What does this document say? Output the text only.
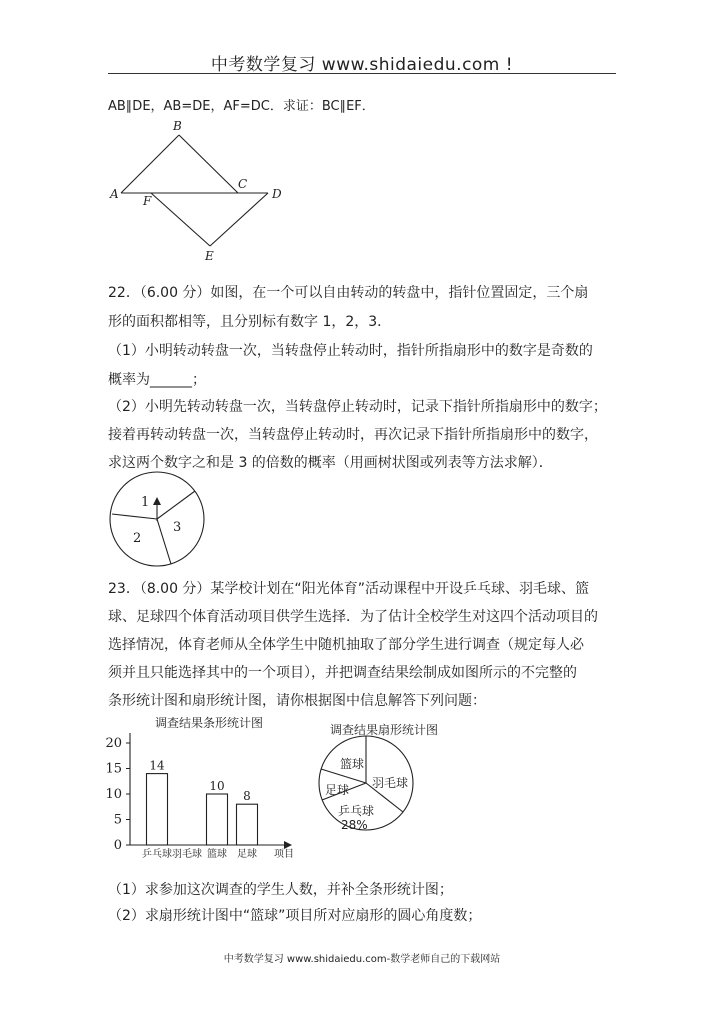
中考数学复习 www.shidaiedu.com !
AB∥DE，AB=DE，AF=DC．求证：BC∥EF．
A
B
C
D
E
F
22．（6.00 分）如图，在一个可以自由转动的转盘中，指针位置固定，三个扇
形的面积都相等，且分别标有数字 1，2，3．
（1）小明转动转盘一次，当转盘停止转动时，指针所指扇形中的数字是奇数的
概率为______；
（2）小明先转动转盘一次，当转盘停止转动时，记录下指针所指扇形中的数字；
接着再转动转盘一次，当转盘停止转动时，再次记录下指针所指扇形中的数字，
求这两个数字之和是 3 的倍数的概率（用画树状图或列表等方法求解）．
1
2
3
23．（8.00 分）某学校计划在“阳光体育”活动课程中开设乒乓球、羽毛球、篮
球、足球四个体育活动项目供学生选择．为了估计全校学生对这四个活动项目的
选择情况，体育老师从全体学生中随机抽取了部分学生进行调查（规定每人必
须并且只能选择其中的一个项目），并把调查结果绘制成如图所示的不完整的
条形统计图和扇形统计图，请你根据图中信息解答下列问题：
调查结果条形统计图
项目
0
5
10
15
20
乒乓球
14
羽毛球 篮球
10
足球
8
调查结果扇形统计图
篮球
羽毛球
乒乓球
足球
28%
（1）求参加这次调查的学生人数，并补全条形统计图；
（2）求扇形统计图中“篮球”项目所对应扇形的圆心角度数；
中考数学复习 www.shidaiedu.com-数学老师自己的下载网站
